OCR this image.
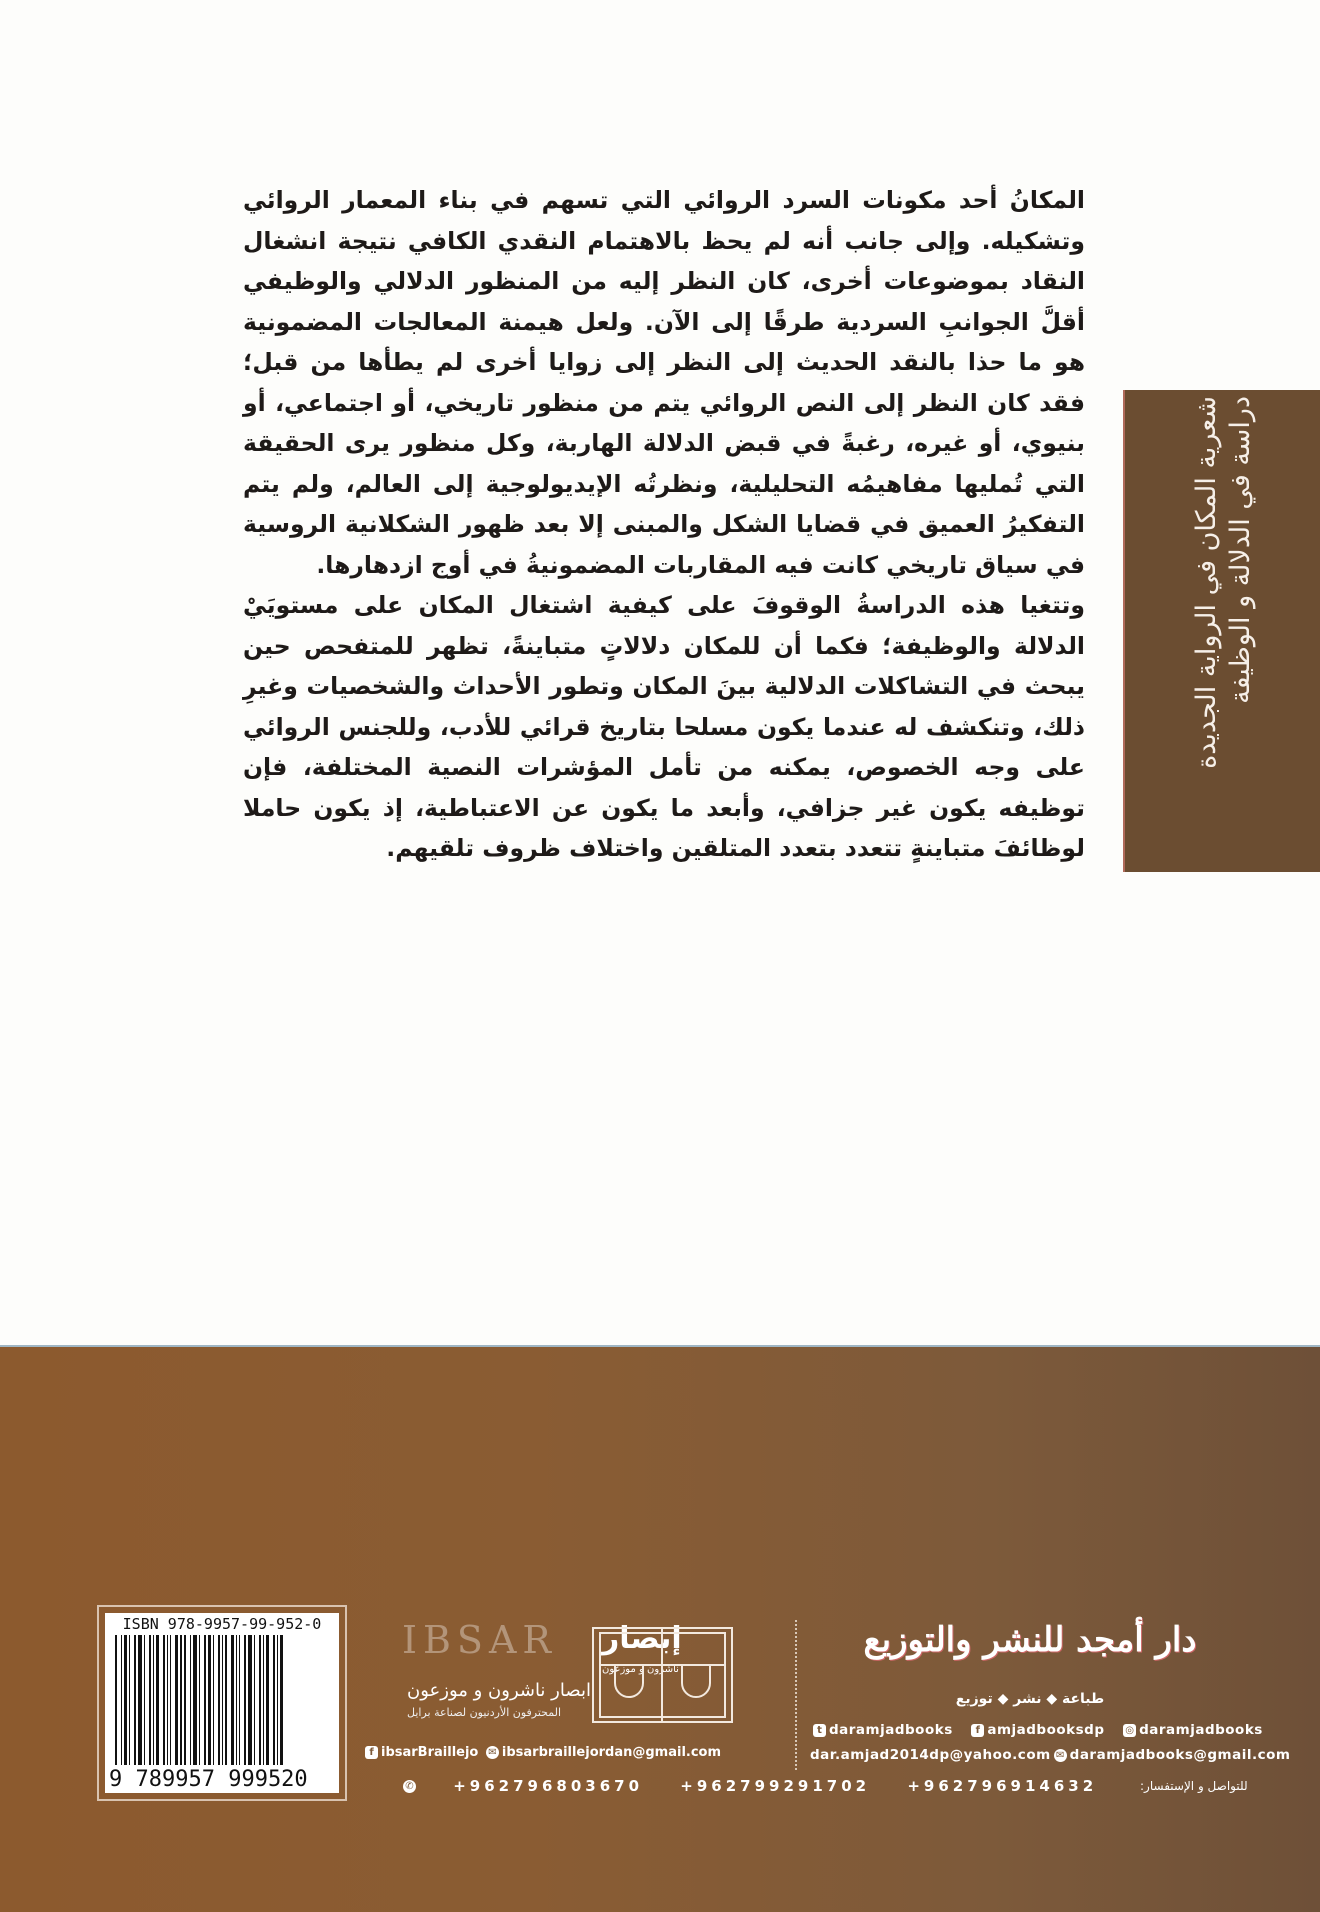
المكانُ أحد مكونات السرد الروائي التي تسهم في بناء المعمار الروائي وتشكيله. وإلى جانب أنه لم يحظ بالاهتمام النقدي الكافي نتيجة انشغال النقاد بموضوعات أخرى، كان النظر إليه من المنظور الدلالي والوظيفي أقلَّ الجوانبِ السردية طرقًا إلى الآن. ولعل هيمنة المعالجات المضمونية هو ما حذا بالنقد الحديث إلى النظر إلى زوايا أخرى لم يطأها من قبل؛ فقد كان النظر إلى النص الروائي يتم من منظور تاريخي، أو اجتماعي، أو بنيوي، أو غيره، رغبةً في قبض الدلالة الهاربة، وكل منظور يرى الحقيقة التي تُمليها مفاهيمُه التحليلية، ونظرتُه الإيديولوجية إلى العالم، ولم يتم التفكيرُ العميق في قضايا الشكل والمبنى إلا بعد ظهور الشكلانية الروسية في سياق تاريخي كانت فيه المقاربات المضمونيةُ في أوج ازدهارها.

وتتغيا هذه الدراسةُ الوقوفَ على كيفية اشتغال المكان على مستويَيْ الدلالة والوظيفة؛ فكما أن للمكان دلالاتٍ متباينةً، تظهر للمتفحص حين يبحث في التشاكلات الدلالية بينَ المكان وتطور الأحداث والشخصيات وغيرِ ذلك، وتنكشف له عندما يكون مسلحا بتاريخ قرائي للأدب، وللجنس الروائي على وجه الخصوص، يمكنه من تأمل المؤشرات النصية المختلفة، فإن توظيفه يكون غير جزافي، وأبعد ما يكون عن الاعتباطية، إذ يكون حاملا لوظائفَ متباينةٍ تتعدد بتعدد المتلقين واختلاف ظروف تلقيهم.

شعرية المكان في الرواية الجديدة دراسة في الدلالة و الوظيفة
ISBN 978-9957-99-952-0
9 789957 999520
IBSAR إبصار
ناشرون و موزعون
ابصار ناشرون و موزعون
المحترفون الأردنيون لصناعة برايل
f ibsarBraillejo ✉ ibsarbraillejordan@gmail.com
دار أمجد للنشر والتوزيع
طباعة ◆ نشر ◆ توزيع
t daramjadbooks f amjadbooksdp ◎ daramjadbooks
dar.amjad2014dp@yahoo.com ✉ daramjadbooks@gmail.com
✆	+962796803670 +962799291702 +962796914632	للتواصل و الإستفسار:
